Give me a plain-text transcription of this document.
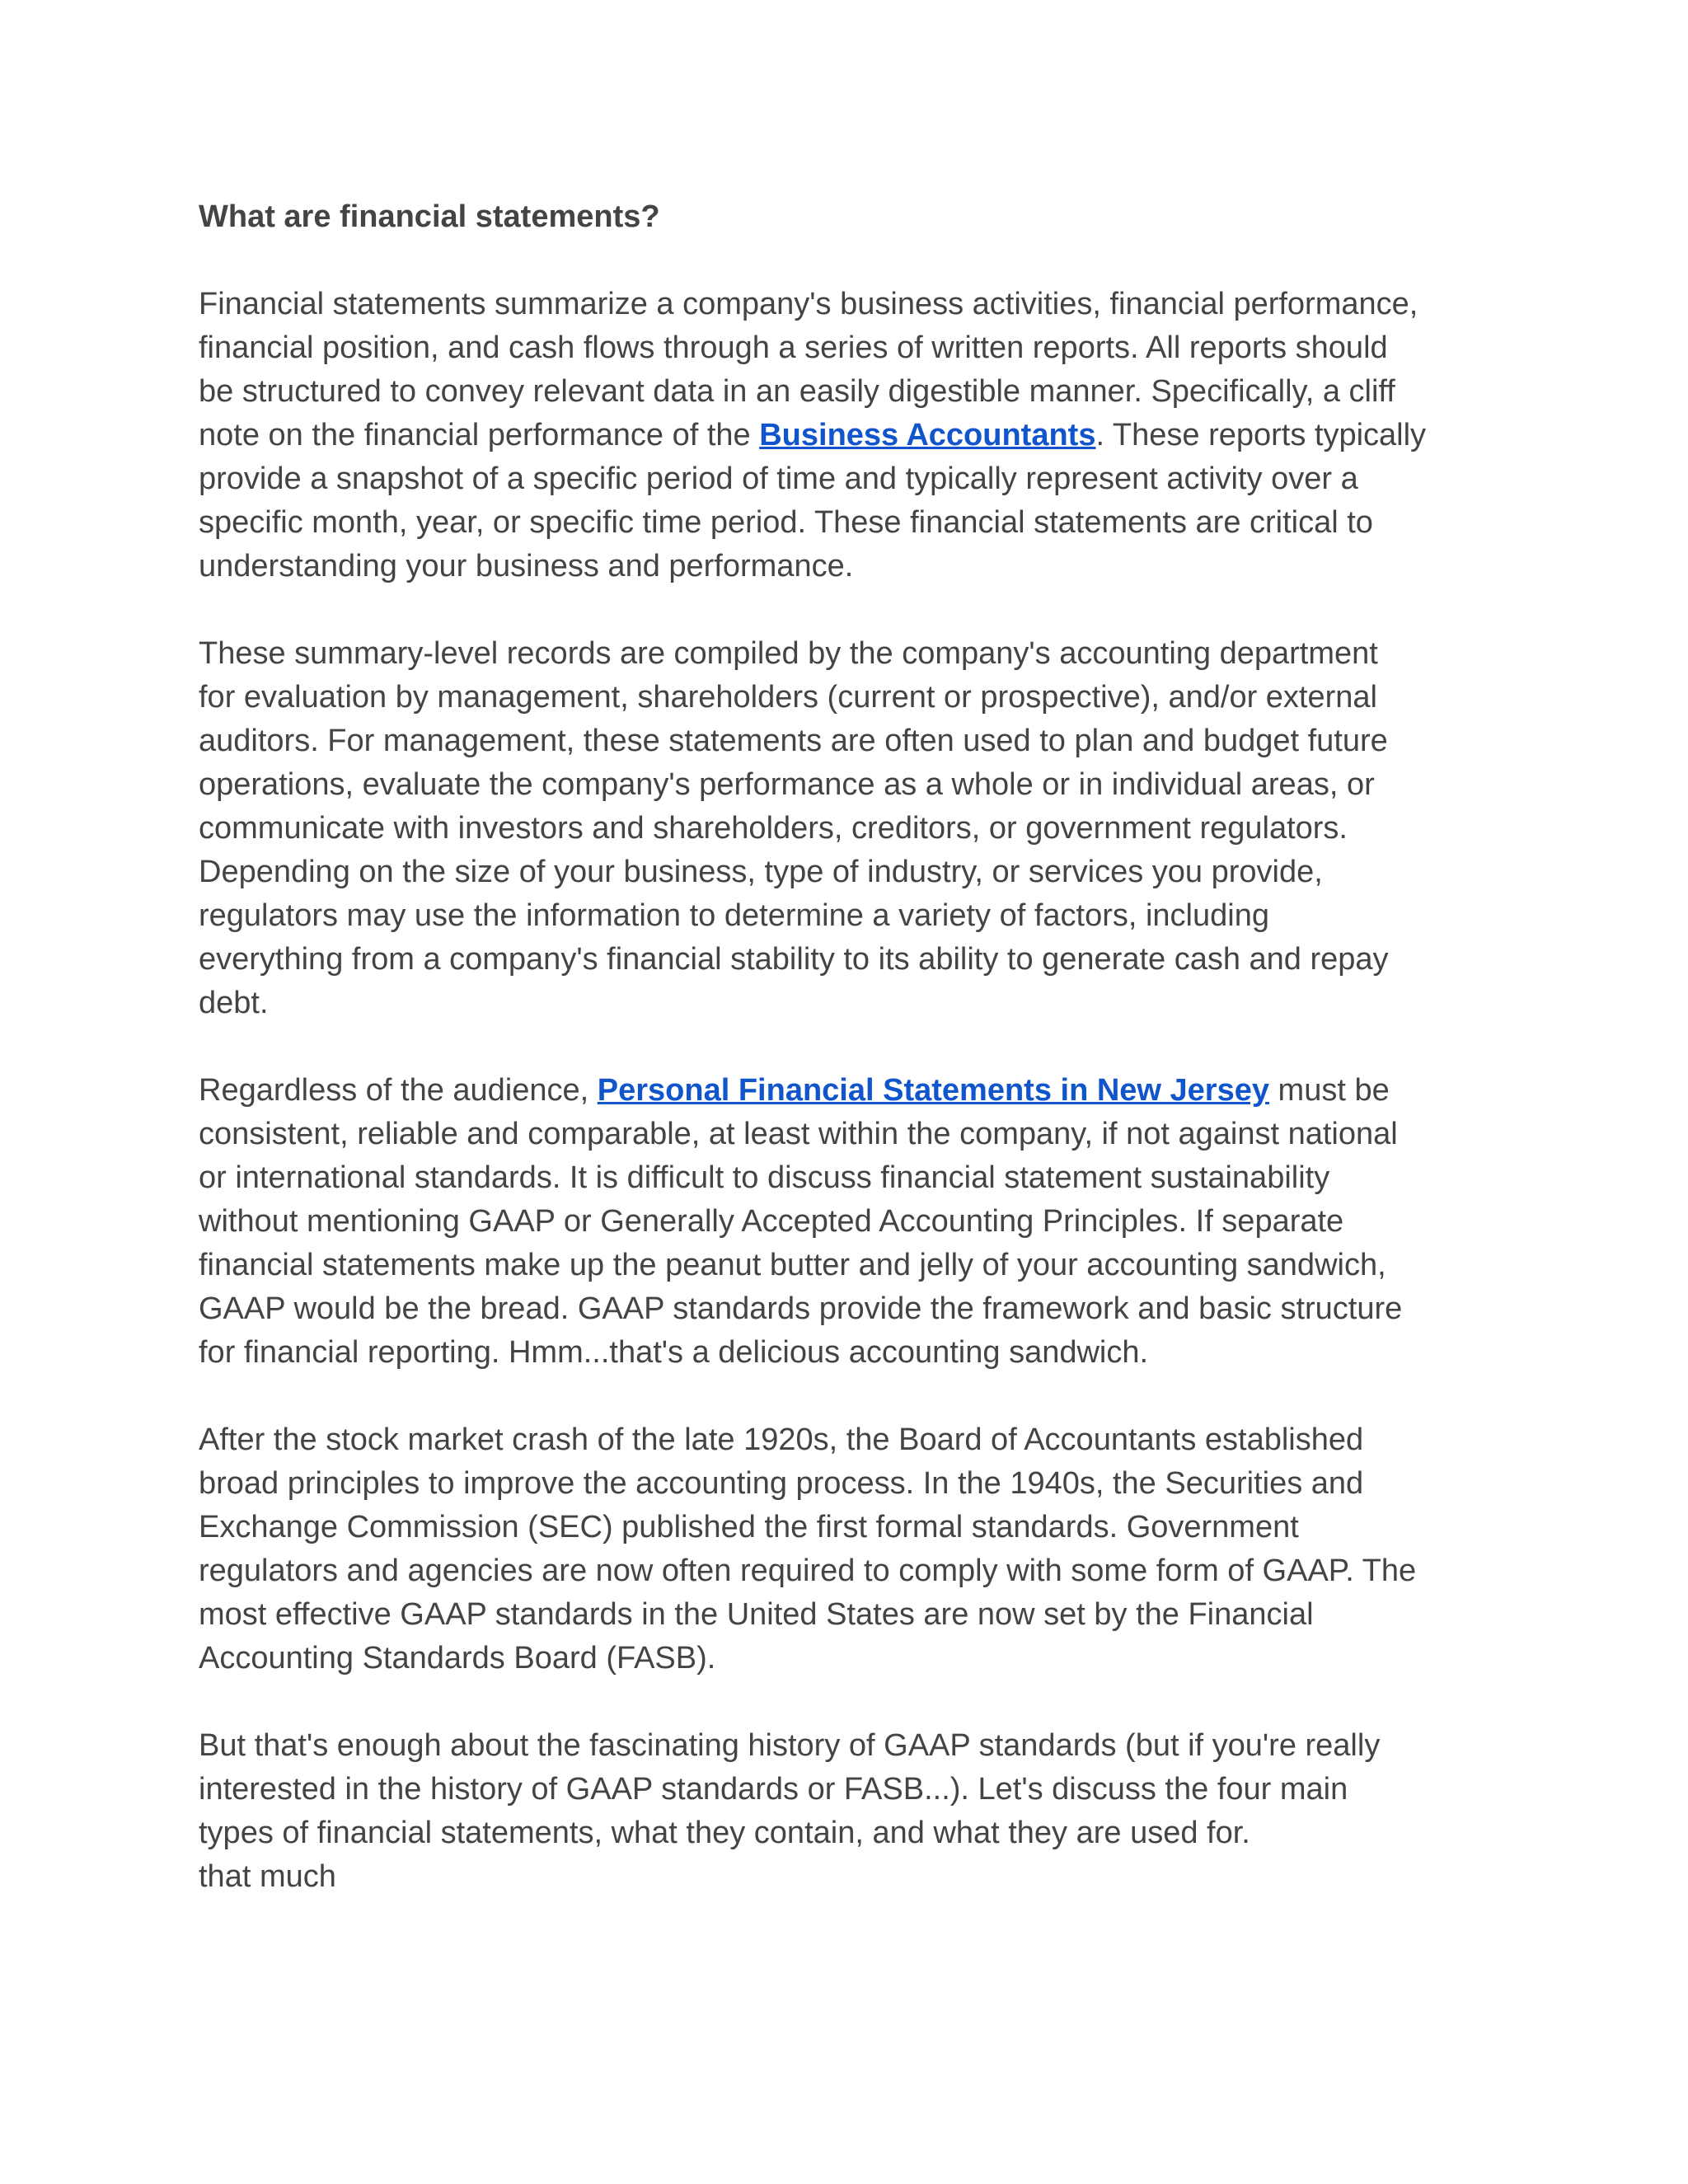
What are financial statements?
Financial statements summarize a company's business activities, financial performance,
financial position, and cash flows through a series of written reports. All reports should
be structured to convey relevant data in an easily digestible manner. Specifically, a cliff
note on the financial performance of the Business Accountants. These reports typically
provide a snapshot of a specific period of time and typically represent activity over a
specific month, year, or specific time period. These financial statements are critical to
understanding your business and performance.
These summary-level records are compiled by the company's accounting department
for evaluation by management, shareholders (current or prospective), and/or external
auditors. For management, these statements are often used to plan and budget future
operations, evaluate the company's performance as a whole or in individual areas, or
communicate with investors and shareholders, creditors, or government regulators.
Depending on the size of your business, type of industry, or services you provide,
regulators may use the information to determine a variety of factors, including
everything from a company's financial stability to its ability to generate cash and repay
debt.
Regardless of the audience, Personal Financial Statements in New Jersey must be
consistent, reliable and comparable, at least within the company, if not against national
or international standards. It is difficult to discuss financial statement sustainability
without mentioning GAAP or Generally Accepted Accounting Principles. If separate
financial statements make up the peanut butter and jelly of your accounting sandwich,
GAAP would be the bread. GAAP standards provide the framework and basic structure
for financial reporting. Hmm...that's a delicious accounting sandwich.
After the stock market crash of the late 1920s, the Board of Accountants established
broad principles to improve the accounting process. In the 1940s, the Securities and
Exchange Commission (SEC) published the first formal standards. Government
regulators and agencies are now often required to comply with some form of GAAP. The
most effective GAAP standards in the United States are now set by the Financial
Accounting Standards Board (FASB).
But that's enough about the fascinating history of GAAP standards (but if you're really
interested in the history of GAAP standards or FASB...). Let's discuss the four main
types of financial statements, what they contain, and what they are used for.
that much
